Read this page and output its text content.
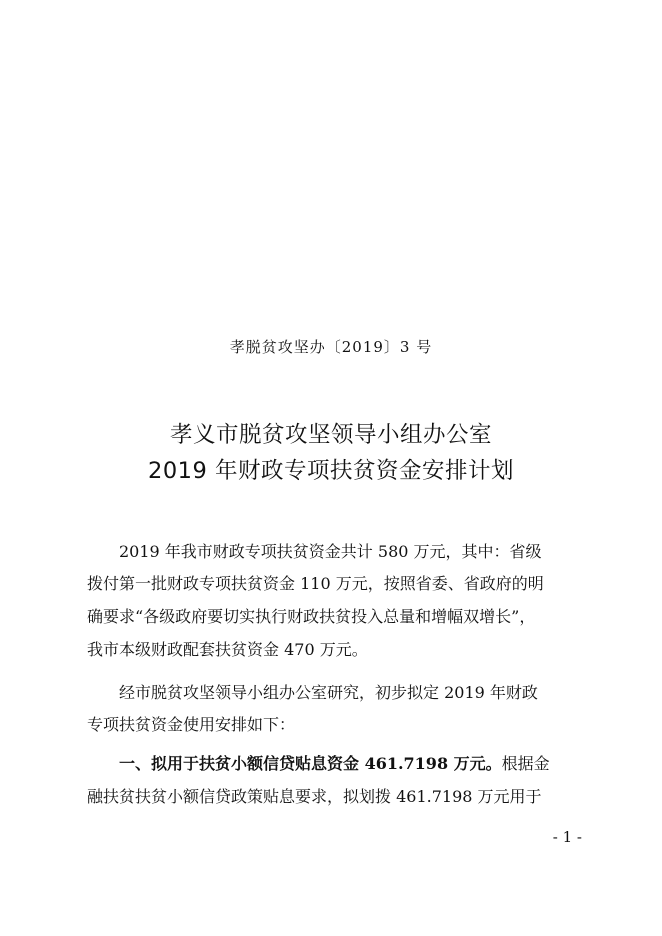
孝脱贫攻坚办〔2019〕3 号
孝义市脱贫攻坚领导小组办公室
2019 年财政专项扶贫资金安排计划
2019 年我市财政专项扶贫资金共计 580 万元，其中：省级
拨付第一批财政专项扶贫资金 110 万元，按照省委、省政府的明
确要求“各级政府要切实执行财政扶贫投入总量和增幅双增长”，
我市本级财政配套扶贫资金 470 万元。
经市脱贫攻坚领导小组办公室研究，初步拟定 2019 年财政
专项扶贫资金使用安排如下：
一、拟用于扶贫小额信贷贴息资金 461.7198 万元。根据金
融扶贫扶贫小额信贷政策贴息要求，拟划拨 461.7198 万元用于
- 1 -
